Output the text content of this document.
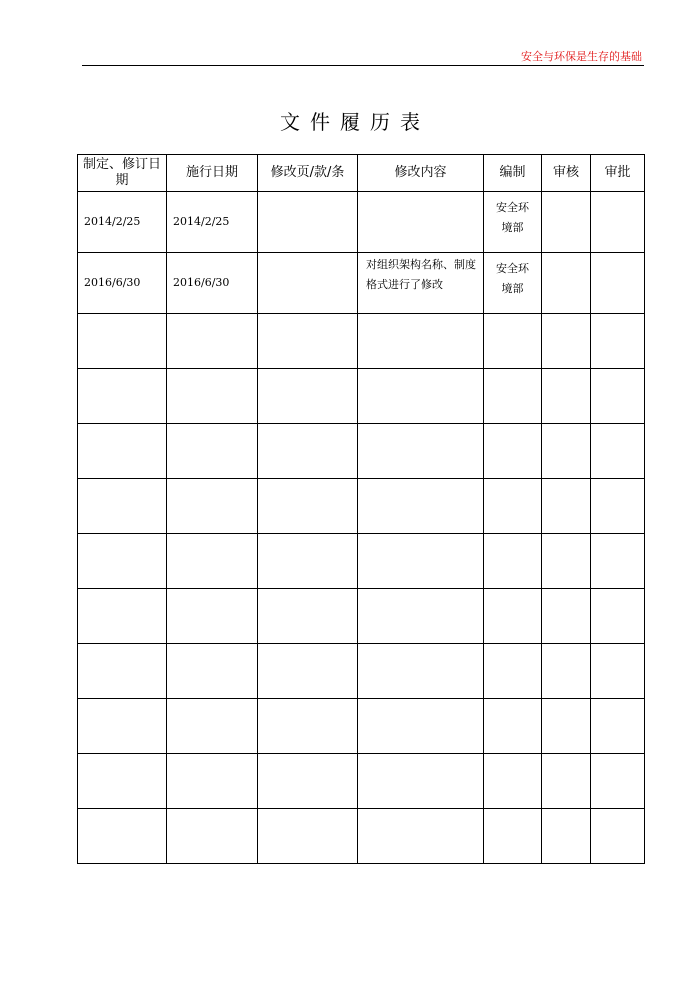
安全与环保是生存的基础
文件履历表
制定、修订日期	施行日期	修改页/款/条	修改内容	编制	审核	审批
2014/2/25	2014/2/25			安全环境部		
2016/6/30	2016/6/30		对组织架构名称、制度格式进行了修改	安全环境部		
